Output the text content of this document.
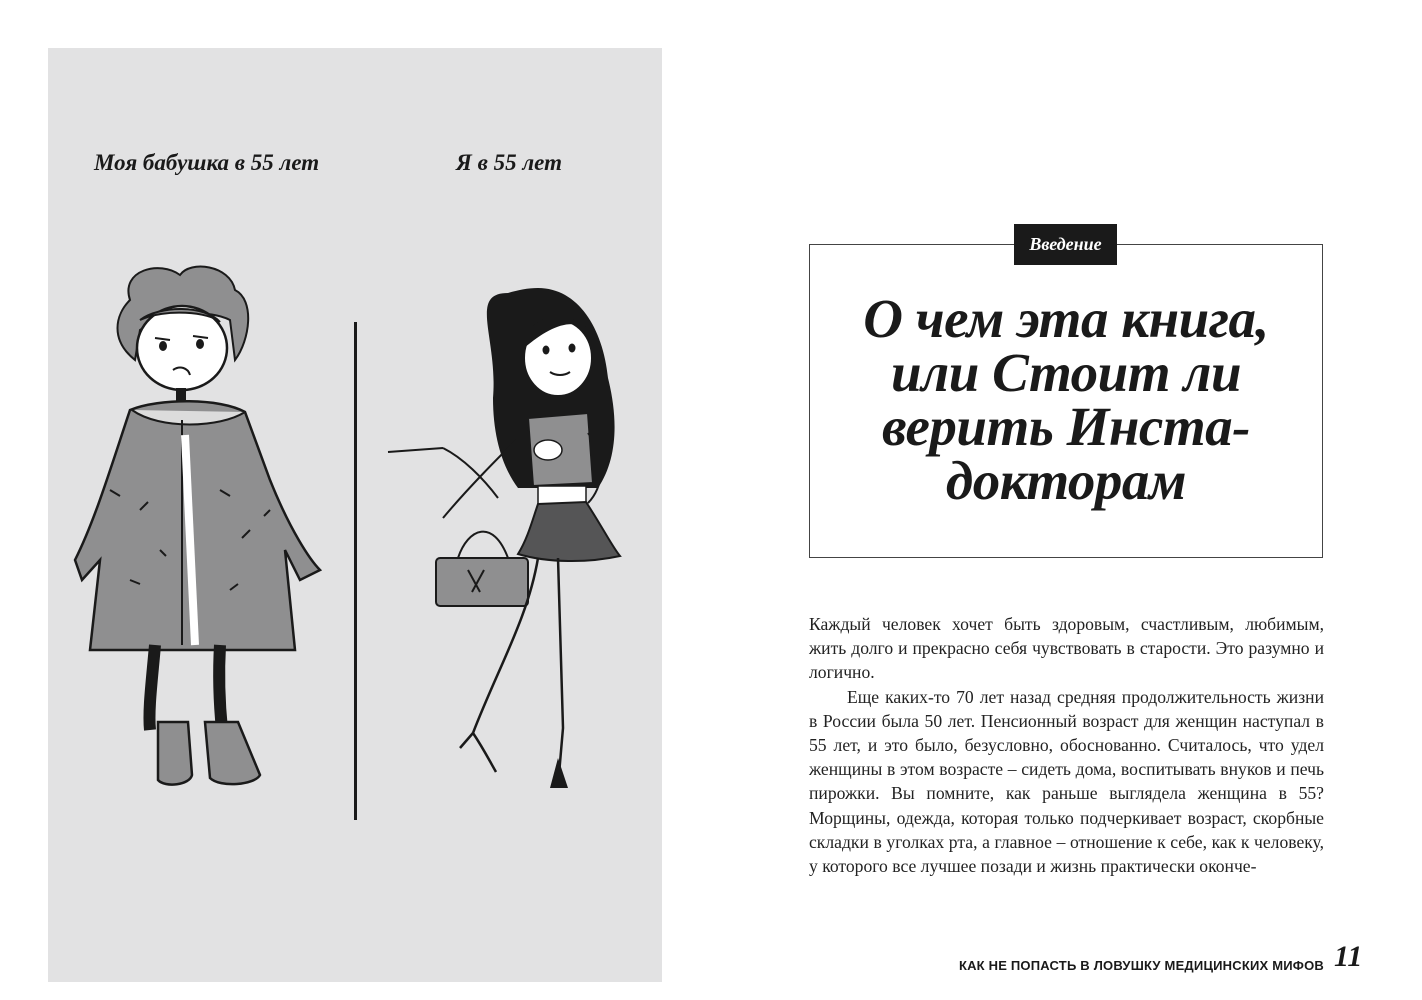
Моя бабушка в 55 лет	Я в 55 лет
Введение
О чем эта книга,
или Стоит ли
верить Инста-
докторам

Каждый человек хочет быть здоровым, счастливым, любимым, жить долго и прекрасно себя чувствовать в старости. Это разумно и логично.

Еще каких-то 70 лет назад средняя продолжительность жизни в России была 50 лет. Пенсионный возраст для женщин наступал в 55 лет, и это было, безусловно, обоснованно. Считалось, что удел женщины в этом возрасте – сидеть дома, воспитывать внуков и печь пирожки. Вы помните, как раньше выглядела женщина в 55? Морщины, одежда, которая только подчеркивает возраст, скорбные складки в уголках рта, а главное – отношение к себе, как к человеку, у которого все лучшее позади и жизнь практически оконче-

КАК НЕ ПОПАСТЬ В ЛОВУШКУ МЕДИЦИНСКИХ МИФОВ 11
